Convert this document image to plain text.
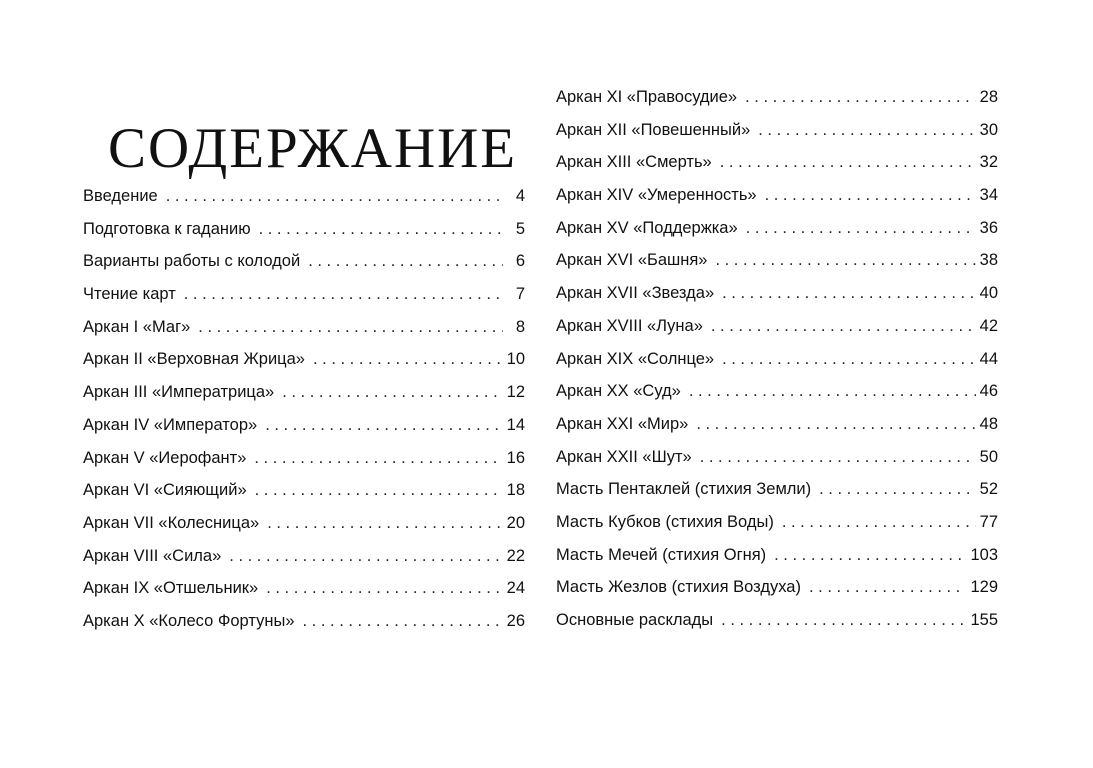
СОДЕРЖАНИЕ
Введение . . .	4
Подготовка к гаданию . . .	5
Варианты работы с колодой . . .	6
Чтение карт . . .	7
Аркан I «Маг» . . .	8
Аркан II «Верховная Жрица» . . .	10
Аркан III «Императрица» . . .	12
Аркан IV «Император» . . .	14
Аркан V «Иерофант» . . .	16
Аркан VI «Сияющий» . . .	18
Аркан VII «Колесница» . . .	20
Аркан VIII «Сила» . . .	22
Аркан IX «Отшельник» . . .	24
Аркан X «Колесо Фортуны» . . .	26
Аркан XI «Правосудие» . . .	28
Аркан XII «Повешенный» . . .	30
Аркан XIII «Смерть» . . .	32
Аркан XIV «Умеренность» . . .	34
Аркан XV «Поддержка» . . .	36
Аркан XVI «Башня» . . .	38
Аркан XVII «Звезда» . . .	40
Аркан XVIII «Луна» . . .	42
Аркан XIX «Солнце» . . .	44
Аркан XX «Суд» . . .	46
Аркан XXI «Мир» . . .	48
Аркан XXII «Шут» . . .	50
Масть Пентаклей (стихия Земли) . . .	52
Масть Кубков (стихия Воды) . . .	77
Масть Мечей (стихия Огня) . . .	103
Масть Жезлов (стихия Воздуха) . . .	129
Основные расклады . . .	155
